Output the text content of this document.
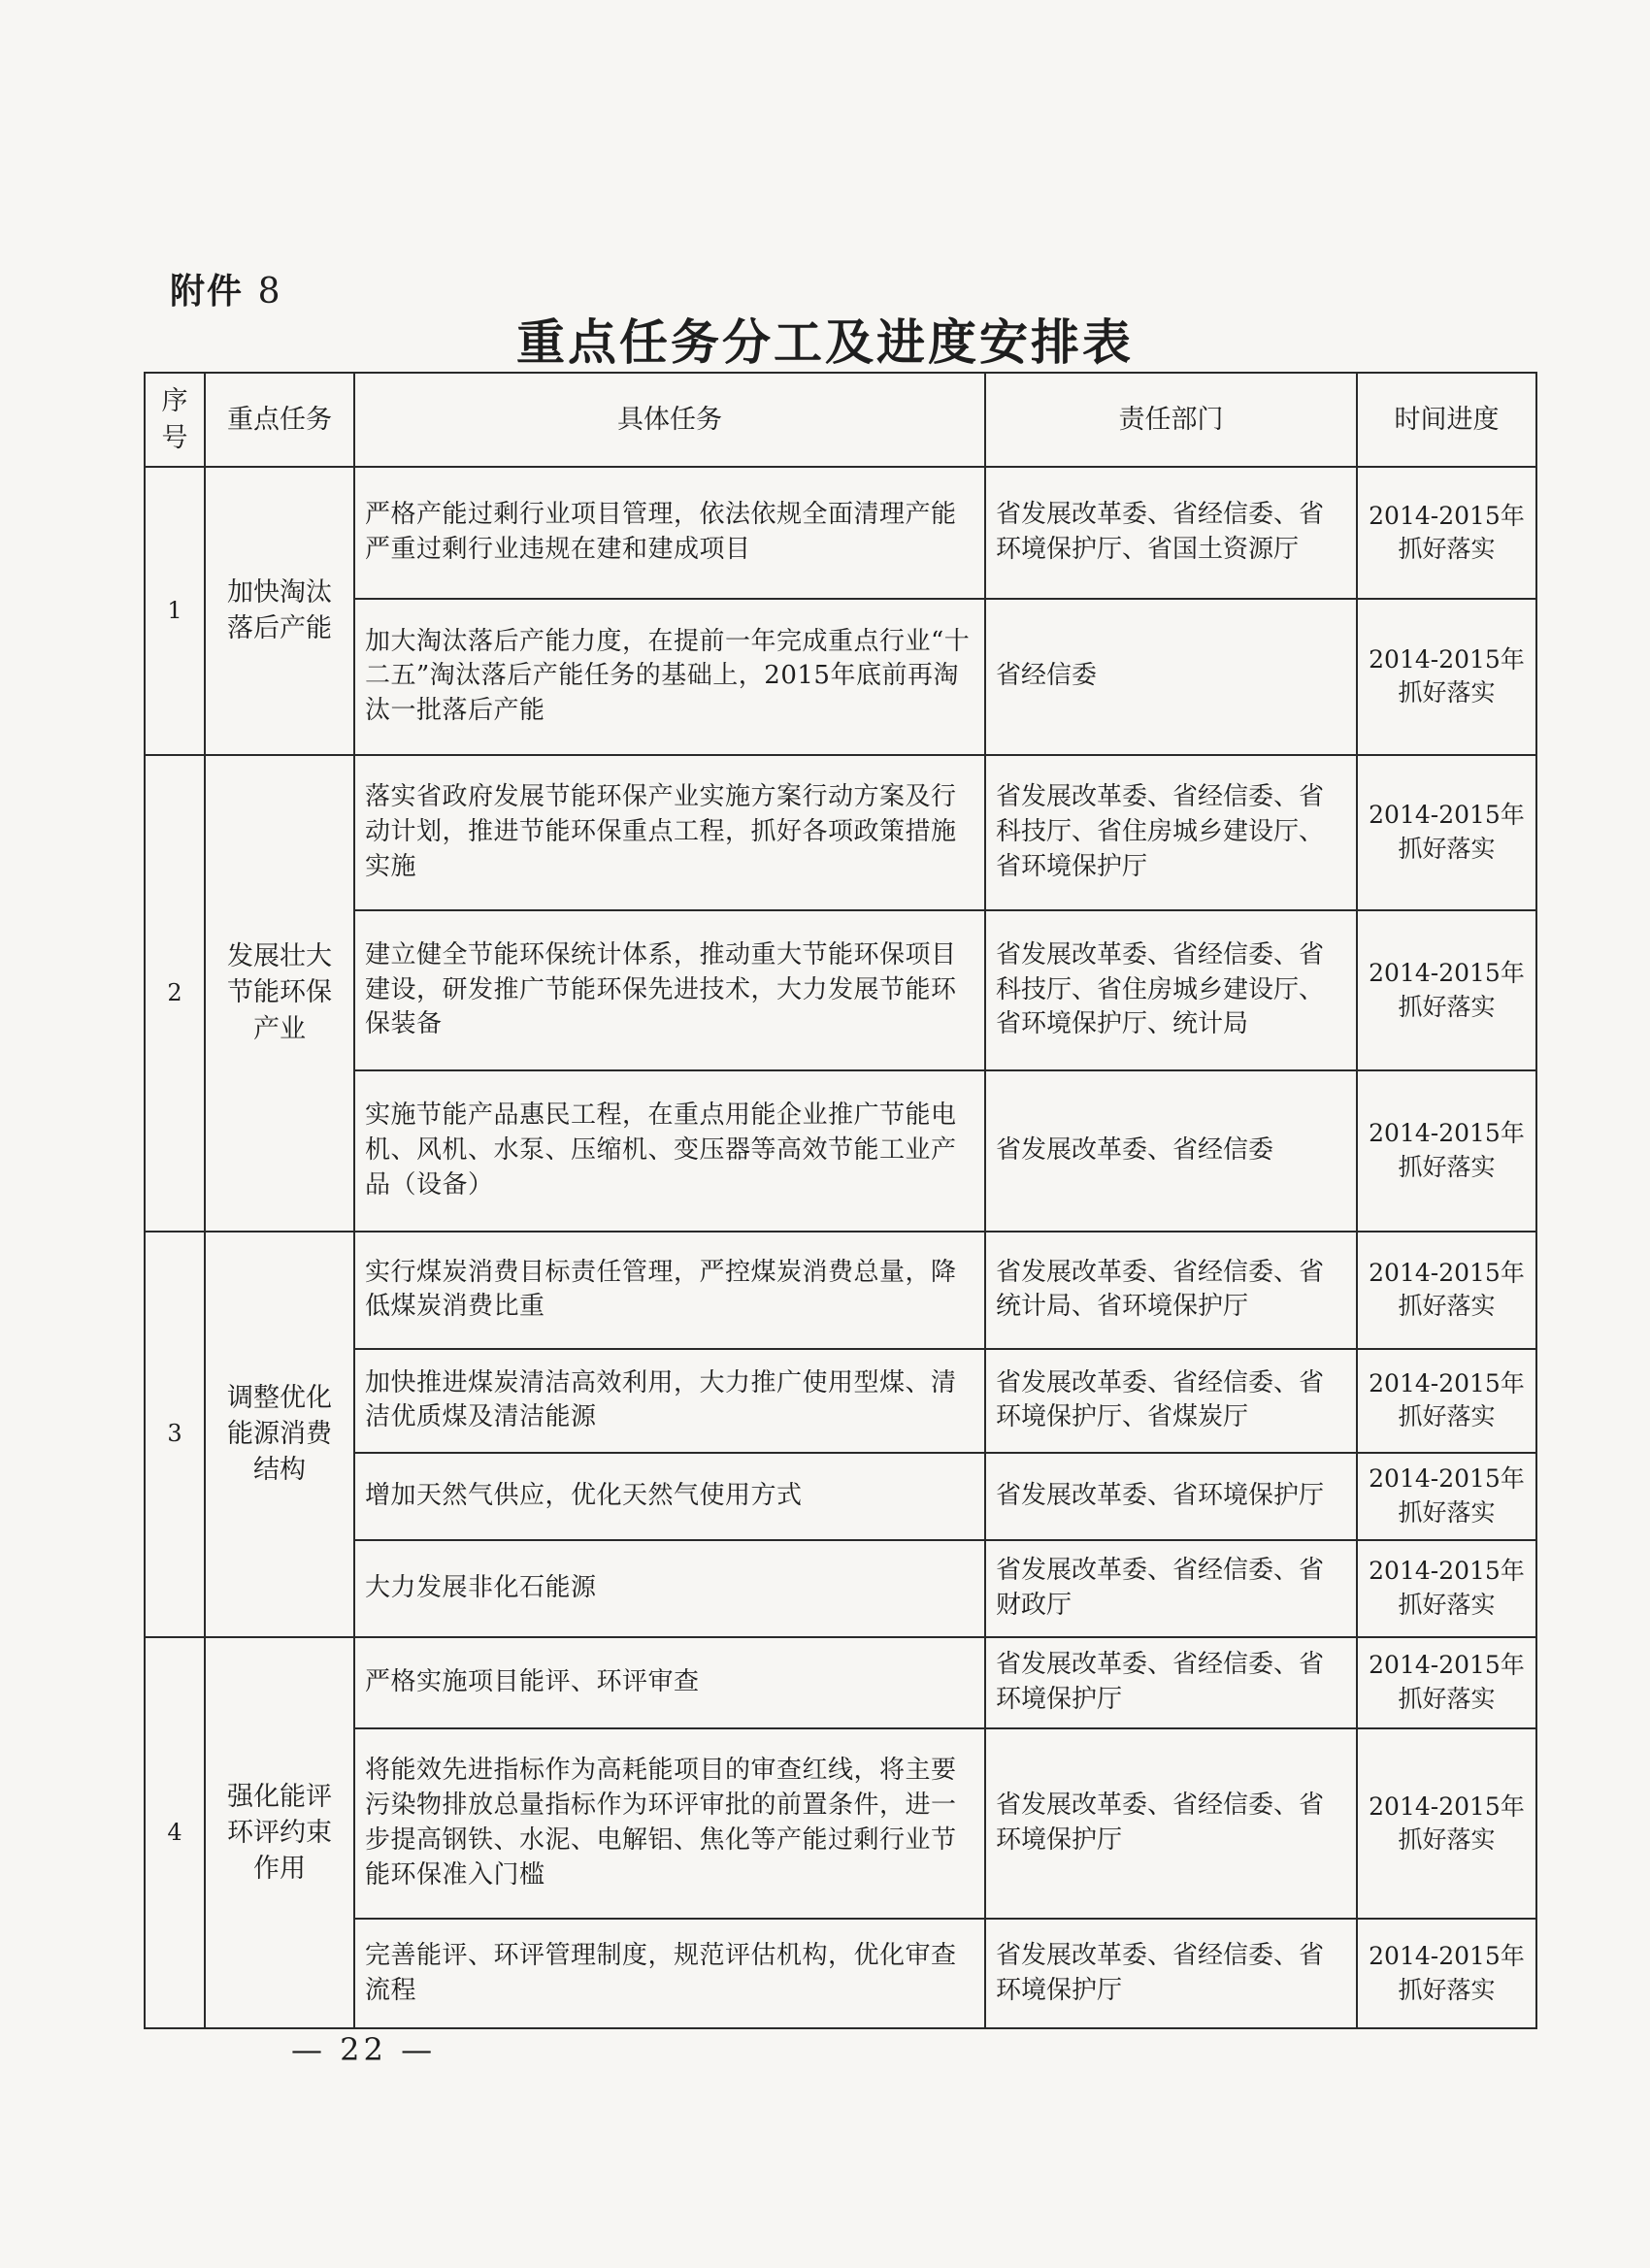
附件 8
重点任务分工及进度安排表
序号	重点任务	具体任务	责任部门	时间进度
1	加快淘汰落后产能	严格产能过剩行业项目管理，依法依规全面清理产能严重过剩行业违规在建和建成项目	省发展改革委、省经信委、省环境保护厅、省国土资源厅	2014-2015年抓好落实
		加大淘汰落后产能力度，在提前一年完成重点行业“十二五”淘汰落后产能任务的基础上，2015年底前再淘汰一批落后产能	省经信委	2014-2015年抓好落实
2	发展壮大节能环保产业	落实省政府发展节能环保产业实施方案行动方案及行动计划，推进节能环保重点工程，抓好各项政策措施实施	省发展改革委、省经信委、省科技厅、省住房城乡建设厅、省环境保护厅	2014-2015年抓好落实
		建立健全节能环保统计体系，推动重大节能环保项目建设，研发推广节能环保先进技术，大力发展节能环保装备	省发展改革委、省经信委、省科技厅、省住房城乡建设厅、省环境保护厅、统计局	2014-2015年抓好落实
		实施节能产品惠民工程，在重点用能企业推广节能电机、风机、水泵、压缩机、变压器等高效节能工业产品（设备）	省发展改革委、省经信委	2014-2015年抓好落实
3	调整优化能源消费结构	实行煤炭消费目标责任管理，严控煤炭消费总量，降低煤炭消费比重	省发展改革委、省经信委、省统计局、省环境保护厅	2014-2015年抓好落实
		加快推进煤炭清洁高效利用，大力推广使用型煤、清洁优质煤及清洁能源	省发展改革委、省经信委、省环境保护厅、省煤炭厅	2014-2015年抓好落实
		增加天然气供应，优化天然气使用方式	省发展改革委、省环境保护厅	2014-2015年抓好落实
		大力发展非化石能源	省发展改革委、省经信委、省财政厅	2014-2015年抓好落实
4	强化能评环评约束作用	严格实施项目能评、环评审查	省发展改革委、省经信委、省环境保护厅	2014-2015年抓好落实
		将能效先进指标作为高耗能项目的审查红线，将主要污染物排放总量指标作为环评审批的前置条件，进一步提高钢铁、水泥、电解铝、焦化等产能过剩行业节能环保准入门槛	省发展改革委、省经信委、省环境保护厅	2014-2015年抓好落实
		完善能评、环评管理制度，规范评估机构，优化审查流程	省发展改革委、省经信委、省环境保护厅	2014-2015年抓好落实
— 22 —
